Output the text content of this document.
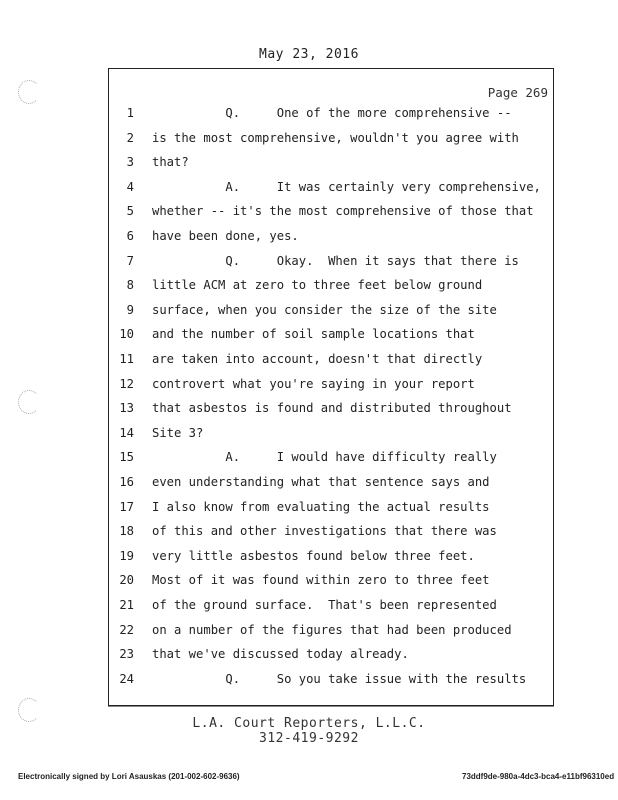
May 23, 2016
Page 269
1 Q.     One of the more comprehensive --
2 is the most comprehensive, wouldn't you agree with
3 that?
4 A.     It was certainly very comprehensive,
5 whether -- it's the most comprehensive of those that
6 have been done, yes.
7 Q.     Okay.  When it says that there is
8 little ACM at zero to three feet below ground
9 surface, when you consider the size of the site
10 and the number of soil sample locations that
11 are taken into account, doesn't that directly
12 controvert what you're saying in your report
13 that asbestos is found and distributed throughout
14 Site 3?
15 A.     I would have difficulty really
16 even understanding what that sentence says and
17 I also know from evaluating the actual results
18 of this and other investigations that there was
19 very little asbestos found below three feet.
20 Most of it was found within zero to three feet
21 of the ground surface.  That's been represented
22 on a number of the figures that had been produced
23 that we've discussed today already.
24 Q.     So you take issue with the results
L.A. Court Reporters, L.L.C.
312-419-9292
Electronically signed by Lori Asauskas (201-002-602-9636)	73ddf9de-980a-4dc3-bca4-e11bf96310ed
